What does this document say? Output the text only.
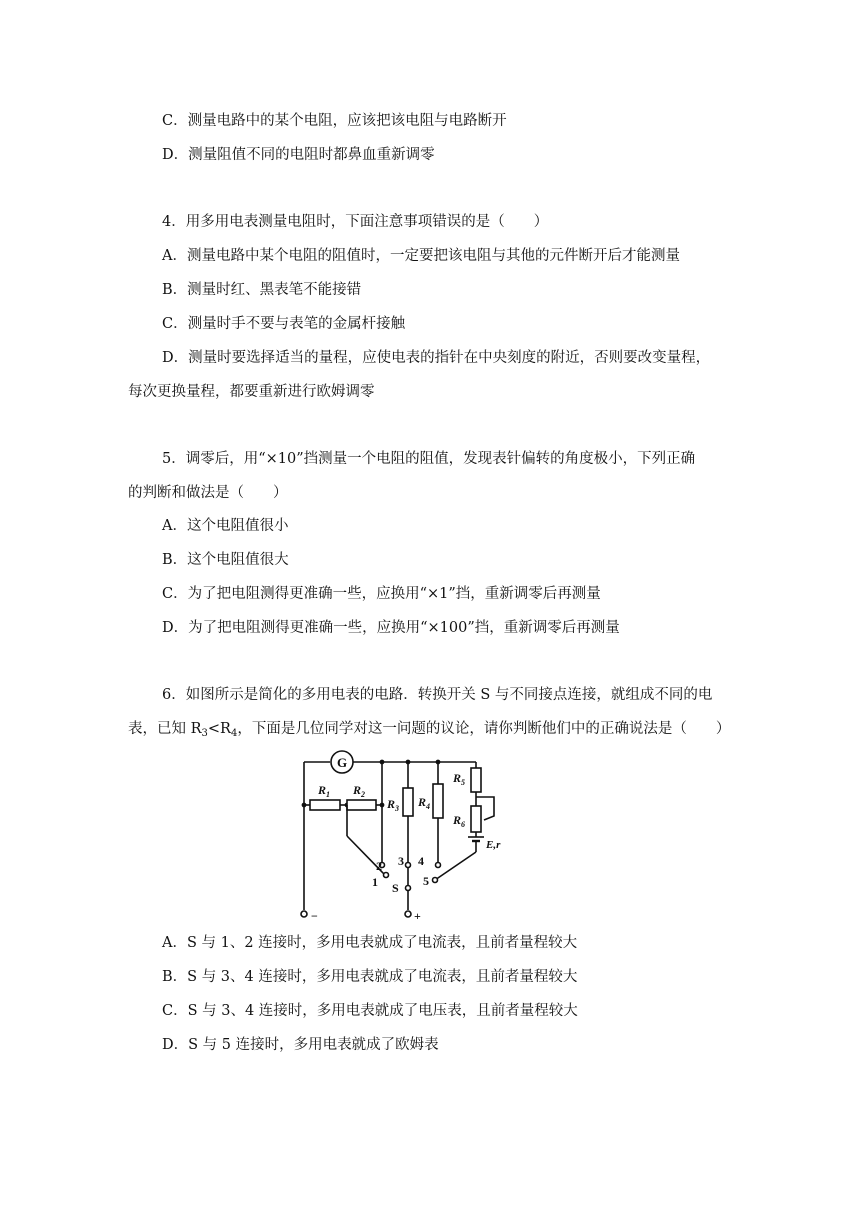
C．测量电路中的某个电阻，应该把该电阻与电路断开
D．测量阻值不同的电阻时都鼻血重新调零
4．用多用电表测量电阻时，下面注意事项错误的是（　　）
A．测量电路中某个电阻的阻值时，一定要把该电阻与其他的元件断开后才能测量
B．测量时红、黑表笔不能接错
C．测量时手不要与表笔的金属杆接触
D．测量时要选择适当的量程，应使电表的指针在中央刻度的附近，否则要改变量程，
每次更换量程，都要重新进行欧姆调零
5．调零后，用“×10”挡测量一个电阻的阻值，发现表针偏转的角度极小，下列正确
的判断和做法是（　　）
A．这个电阻值很小
B．这个电阻值很大
C．为了把电阻测得更准确一些，应换用“×1”挡，重新调零后再测量
D．为了把电阻测得更准确一些，应换用“×100”挡，重新调零后再测量
6．如图所示是简化的多用电表的电路．转换开关 S 与不同接点连接，就组成不同的电
表，已知 $R_3<R_4$，下面是几位同学对这一问题的议论，请你判断他们中的正确说法是（　　）
G
$R_1$ $R_2$
$R_3$ $R_4$
$R_5$
$R_6$
E,r
1
2 3 4
5
S
−	+
A．S 与 1、2 连接时，多用电表就成了电流表，且前者量程较大
B．S 与 3、4 连接时，多用电表就成了电流表，且前者量程较大
C．S 与 3、4 连接时，多用电表就成了电压表，且前者量程较大
D．S 与 5 连接时，多用电表就成了欧姆表
